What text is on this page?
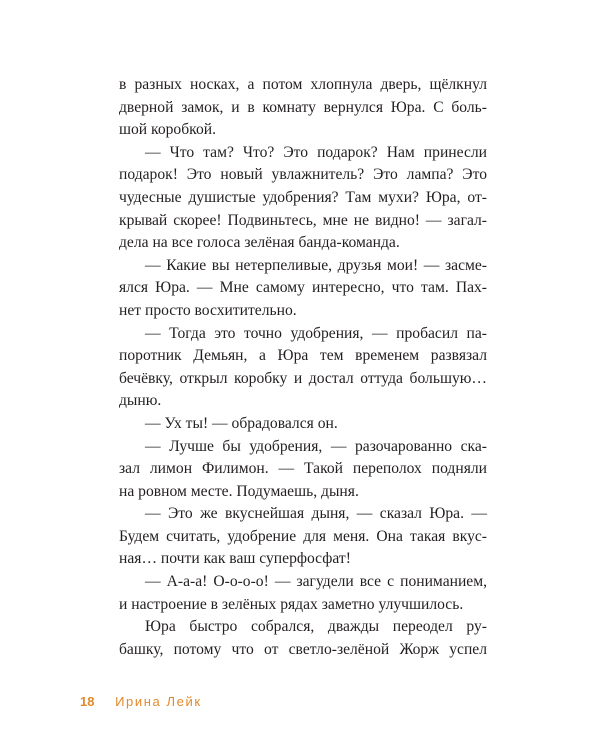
в разных носках, а потом хлопнула дверь, щёлкнул
дверной замок, и в комнату вернулся Юра. С боль-
шой коробкой.
— Что там? Что? Это подарок? Нам принесли
подарок! Это новый увлажнитель? Это лампа? Это
чудесные душистые удобрения? Там мухи? Юра, от-
крывай скорее! Подвиньтесь, мне не видно! — загал-
дела на все голоса зелёная банда-команда.
— Какие вы нетерпеливые, друзья мои! — засме-
ялся Юра. — Мне самому интересно, что там. Пах-
нет просто восхитительно.
— Тогда это точно удобрения, — пробасил па-
поротник Демьян, а Юра тем временем развязал
бечёвку, открыл коробку и достал оттуда большую…
дыню.
— Ух ты! — обрадовался он.
— Лучше бы удобрения, — разочарованно ска-
зал лимон Филимон. — Такой переполох подняли
на ровном месте. Подумаешь, дыня.
— Это же вкуснейшая дыня, — сказал Юра. —
Будем считать, удобрение для меня. Она такая вкус-
ная… почти как ваш суперфосфат!
— А-а-а! О-о-о-о! — загудели все с пониманием,
и настроение в зелёных рядах заметно улучшилось.
Юра быстро собрался, дважды переодел ру-
башку, потому что от светло-зелёной Жорж успел
18 Ирина Лейк
